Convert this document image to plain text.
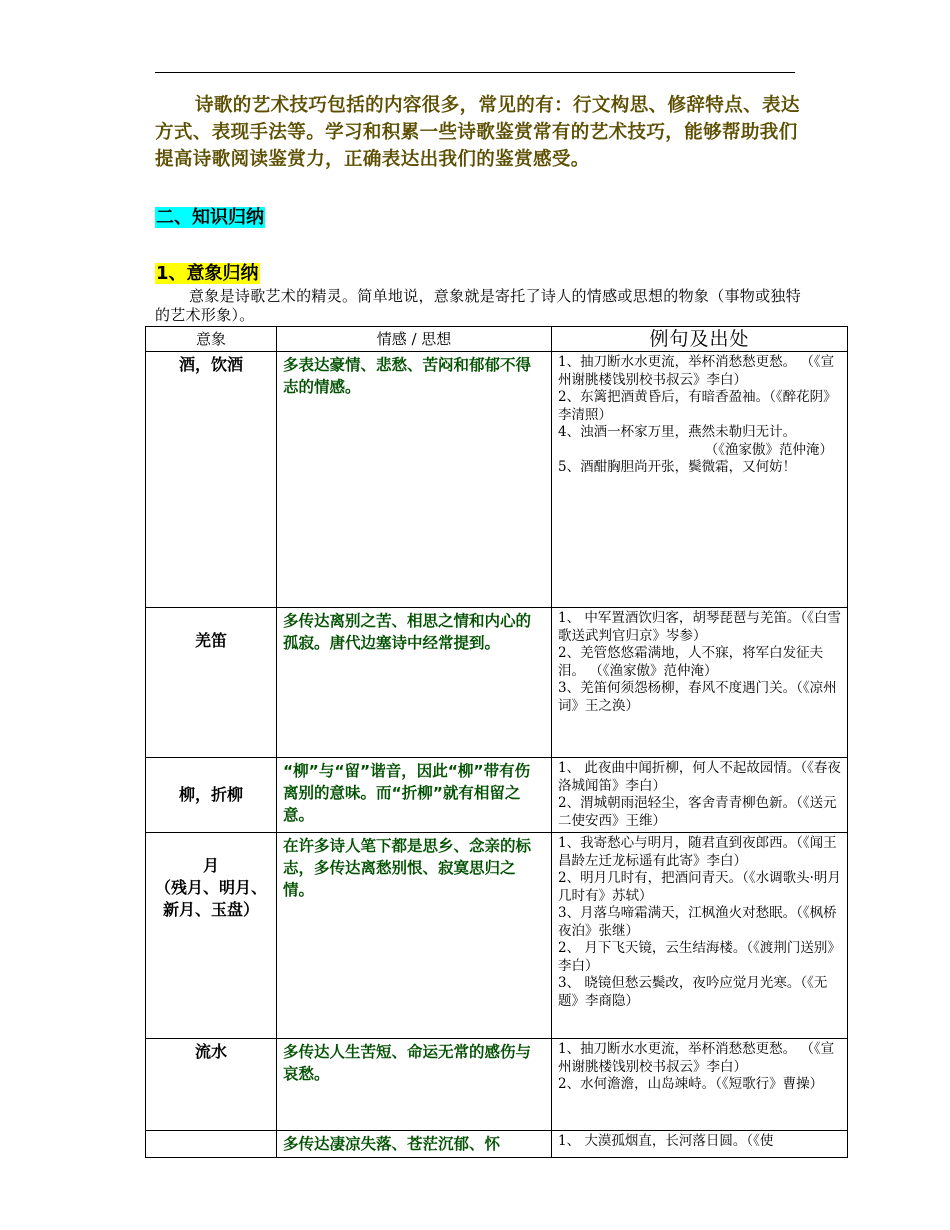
诗歌的艺术技巧包括的内容很多，常见的有：行文构思、修辞特点、表达方式、表现手法等。学习和积累一些诗歌鉴赏常有的艺术技巧，能够帮助我们提高诗歌阅读鉴赏力，正确表达出我们的鉴赏感受。

二、知识归纳
1、意象归纳

意象是诗歌艺术的精灵。简单地说，意象就是寄托了诗人的情感或思想的物象（事物或独特的艺术形象）。

意象	情感 / 思想	例句及出处
酒，饮酒	多表达豪情、悲愁、苦闷和郁郁不得志的情感。	1、抽刀断水水更流，举杯消愁愁更愁。 （《宣州谢朓楼饯别校书叔云》李白）
2、东篱把酒黄昏后，有暗香盈袖。（《醉花阴》李清照）
4、浊酒一杯家万里，燕然未勒归无计。
（《渔家傲》范仲淹）
5、酒酣胸胆尚开张，鬓微霜，又何妨！

羌笛	多传达离别之苦、相思之情和内心的孤寂。唐代边塞诗中经常提到。	1、 中军置酒饮归客，胡琴琵琶与羌笛。（《白雪歌送武判官归京》岑参）
2、羌管悠悠霜满地，人不寐，将军白发征夫泪。 （《渔家傲》范仲淹）
3、羌笛何须怨杨柳，春风不度遇门关。（《凉州词》王之涣）

柳，折柳	“柳”与“留”谐音，因此“柳”带有伤离别的意味。而“折柳”就有相留之意。	1、 此夜曲中闻折柳，何人不起故园情。（《春夜洛城闻笛》李白）
2、渭城朝雨浥轻尘，客舍青青柳色新。（《送元二使安西》王维）

月
（残月、明月、新月、玉盘）	在许多诗人笔下都是思乡、念亲的标志，多传达离愁别恨、寂寞思归之情。	1、我寄愁心与明月，随君直到夜郎西。（《闻王昌龄左迁龙标遥有此寄》李白）
2、明月几时有，把酒问青天。（《水调歌头·明月几时有》苏轼）
3、月落乌啼霜满天，江枫渔火对愁眠。（《枫桥夜泊》张继）
2、 月下飞天镜，云生结海楼。（《渡荆门送别》李白）
3、 晓镜但愁云鬓改，夜吟应觉月光寒。（《无题》李商隐）

流水	多传达人生苦短、命运无常的感伤与哀愁。	1、抽刀断水水更流，举杯消愁愁更愁。 （《宣州谢朓楼饯别校书叔云》李白）
2、水何澹澹，山岛竦峙。（《短歌行》曹操）

	多传达凄凉失落、苍茫沉郁、怀	1、 大漠孤烟直，长河落日圆。（《使
